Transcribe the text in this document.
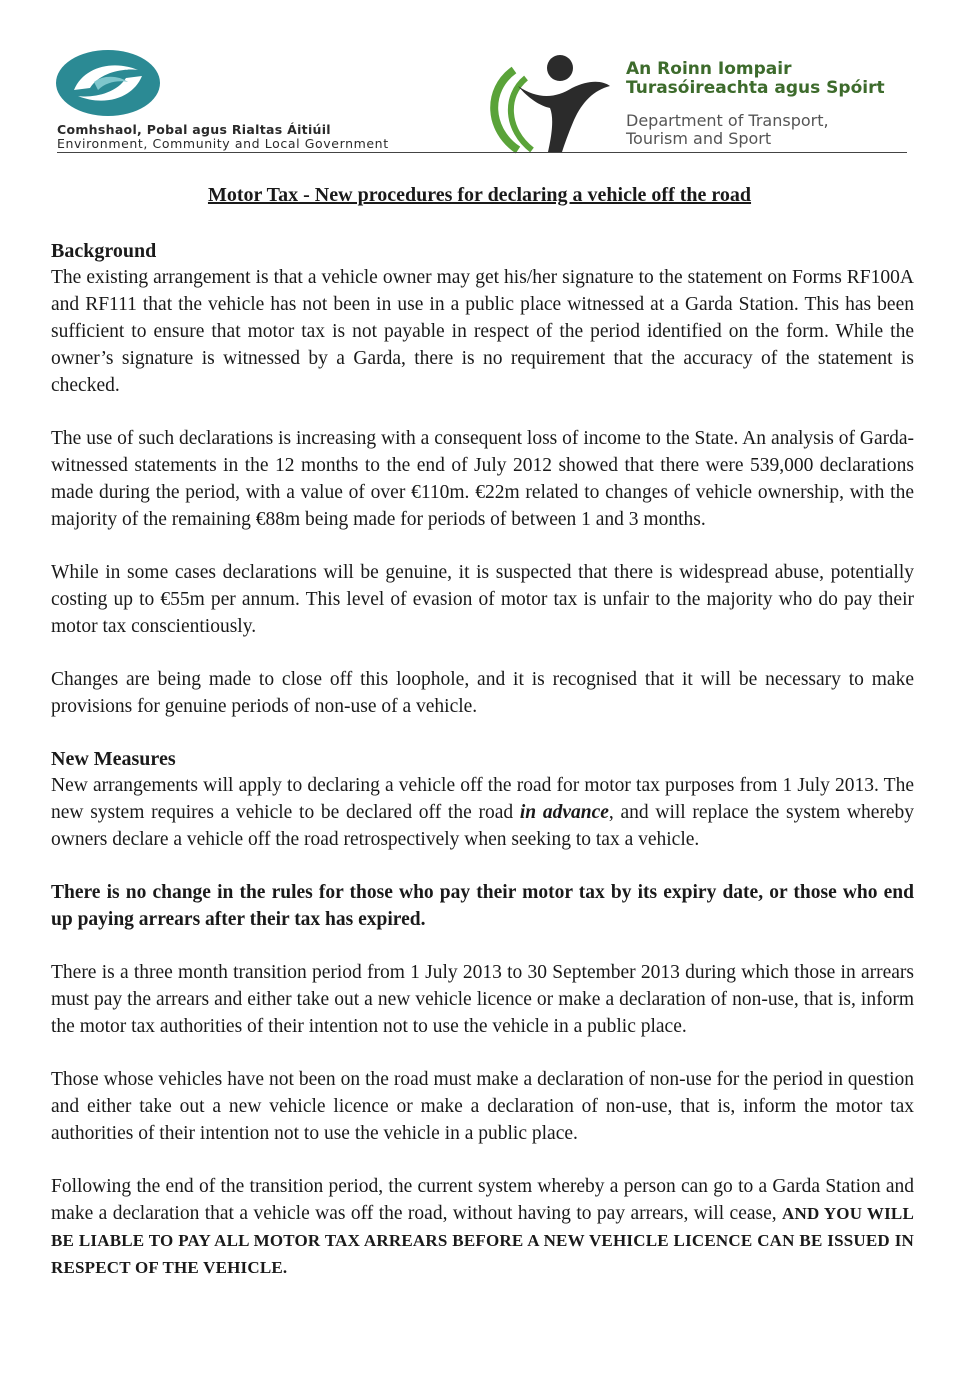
Comhshaol, Pobal agus Rialtas Áitiúil
Environment, Community and Local Government
An Roinn Iompair
Turasóireachta agus Spóirt
Department of Transport,
Tourism and Sport
Motor Tax - New procedures for declaring a vehicle off the road
Background

The existing arrangement is that a vehicle owner may get his/her signature to the statement on Forms RF100A and RF111 that the vehicle has not been in use in a public place witnessed at a Garda Station. This has been sufficient to ensure that motor tax is not payable in respect of the period identified on the form. While the owner’s signature is witnessed by a Garda, there is no requirement that the accuracy of the statement is checked.

The use of such declarations is increasing with a consequent loss of income to the State. An analysis of Garda-witnessed statements in the 12 months to the end of July 2012 showed that there were 539,000 declarations made during the period, with a value of over €110m. €22m related to changes of vehicle ownership, with the majority of the remaining €88m being made for periods of between 1 and 3 months.

While in some cases declarations will be genuine, it is suspected that there is widespread abuse, potentially costing up to €55m per annum. This level of evasion of motor tax is unfair to the majority who do pay their motor tax conscientiously.

Changes are being made to close off this loophole, and it is recognised that it will be necessary to make provisions for genuine periods of non-use of a vehicle.

New Measures

New arrangements will apply to declaring a vehicle off the road for motor tax purposes from 1 July 2013. The new system requires a vehicle to be declared off the road in advance, and will replace the system whereby owners declare a vehicle off the road retrospectively when seeking to tax a vehicle.

There is no change in the rules for those who pay their motor tax by its expiry date, or those who end up paying arrears after their tax has expired.

There is a three month transition period from 1 July 2013 to 30 September 2013 during which those in arrears must pay the arrears and either take out a new vehicle licence or make a declaration of non-use, that is, inform the motor tax authorities of their intention not to use the vehicle in a public place.

Those whose vehicles have not been on the road must make a declaration of non-use for the period in question and either take out a new vehicle licence or make a declaration of non-use, that is, inform the motor tax authorities of their intention not to use the vehicle in a public place.

Following the end of the transition period, the current system whereby a person can go to a Garda Station and make a declaration that a vehicle was off the road, without having to pay arrears, will cease, AND YOU WILL BE LIABLE TO PAY ALL MOTOR TAX ARREARS BEFORE A NEW VEHICLE LICENCE CAN BE ISSUED IN RESPECT OF THE VEHICLE.
